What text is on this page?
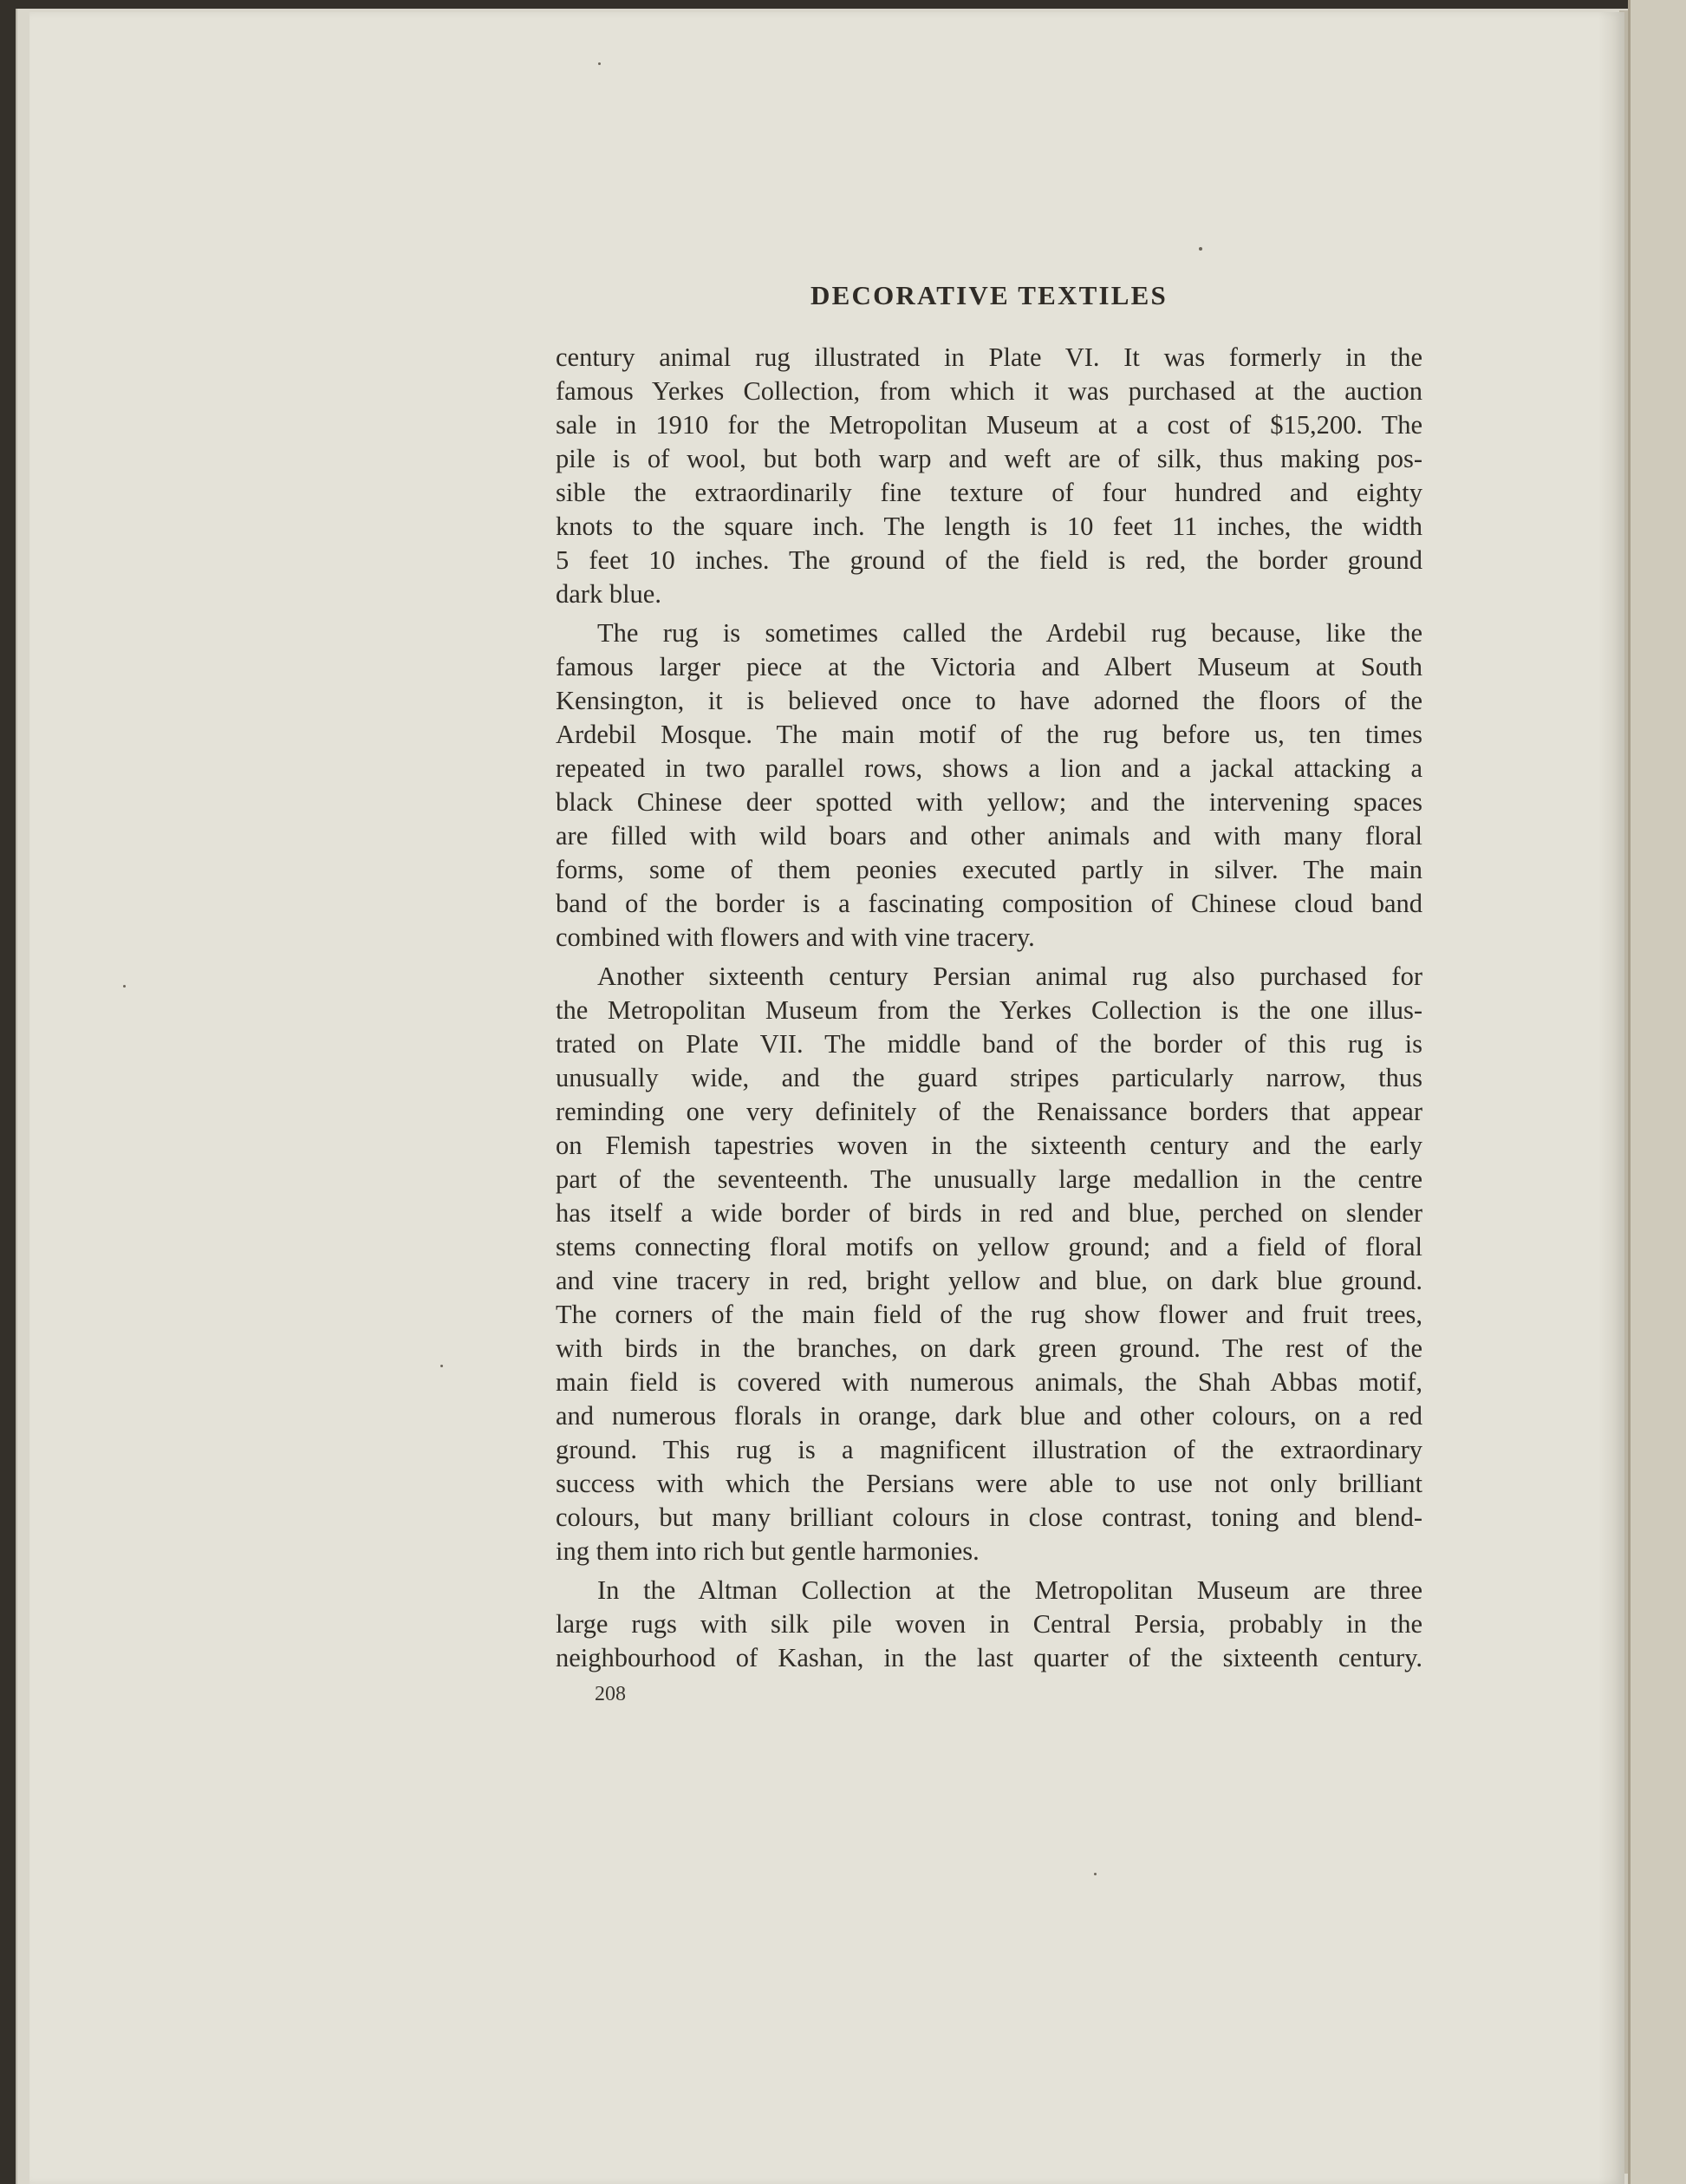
DECORATIVE TEXTILES
century animal rug illustrated in Plate VI. It was formerly in the
famous Yerkes Collection, from which it was purchased at the auction
sale in 1910 for the Metropolitan Museum at a cost of $15,200. The
pile is of wool, but both warp and weft are of silk, thus making pos-
sible the extraordinarily fine texture of four hundred and eighty
knots to the square inch. The length is 10 feet 11 inches, the width
5 feet 10 inches. The ground of the field is red, the border ground
dark blue.
The rug is sometimes called the Ardebil rug because, like the
famous larger piece at the Victoria and Albert Museum at South
Kensington, it is believed once to have adorned the floors of the
Ardebil Mosque. The main motif of the rug before us, ten times
repeated in two parallel rows, shows a lion and a jackal attacking a
black Chinese deer spotted with yellow; and the intervening spaces
are filled with wild boars and other animals and with many floral
forms, some of them peonies executed partly in silver. The main
band of the border is a fascinating composition of Chinese cloud band
combined with flowers and with vine tracery.
Another sixteenth century Persian animal rug also purchased for
the Metropolitan Museum from the Yerkes Collection is the one illus-
trated on Plate VII. The middle band of the border of this rug is
unusually wide, and the guard stripes particularly narrow, thus
reminding one very definitely of the Renaissance borders that appear
on Flemish tapestries woven in the sixteenth century and the early
part of the seventeenth. The unusually large medallion in the centre
has itself a wide border of birds in red and blue, perched on slender
stems connecting floral motifs on yellow ground; and a field of floral
and vine tracery in red, bright yellow and blue, on dark blue ground.
The corners of the main field of the rug show flower and fruit trees,
with birds in the branches, on dark green ground. The rest of the
main field is covered with numerous animals, the Shah Abbas motif,
and numerous florals in orange, dark blue and other colours, on a red
ground. This rug is a magnificent illustration of the extraordinary
success with which the Persians were able to use not only brilliant
colours, but many brilliant colours in close contrast, toning and blend-
ing them into rich but gentle harmonies.
In the Altman Collection at the Metropolitan Museum are three
large rugs with silk pile woven in Central Persia, probably in the
neighbourhood of Kashan, in the last quarter of the sixteenth century.

208
